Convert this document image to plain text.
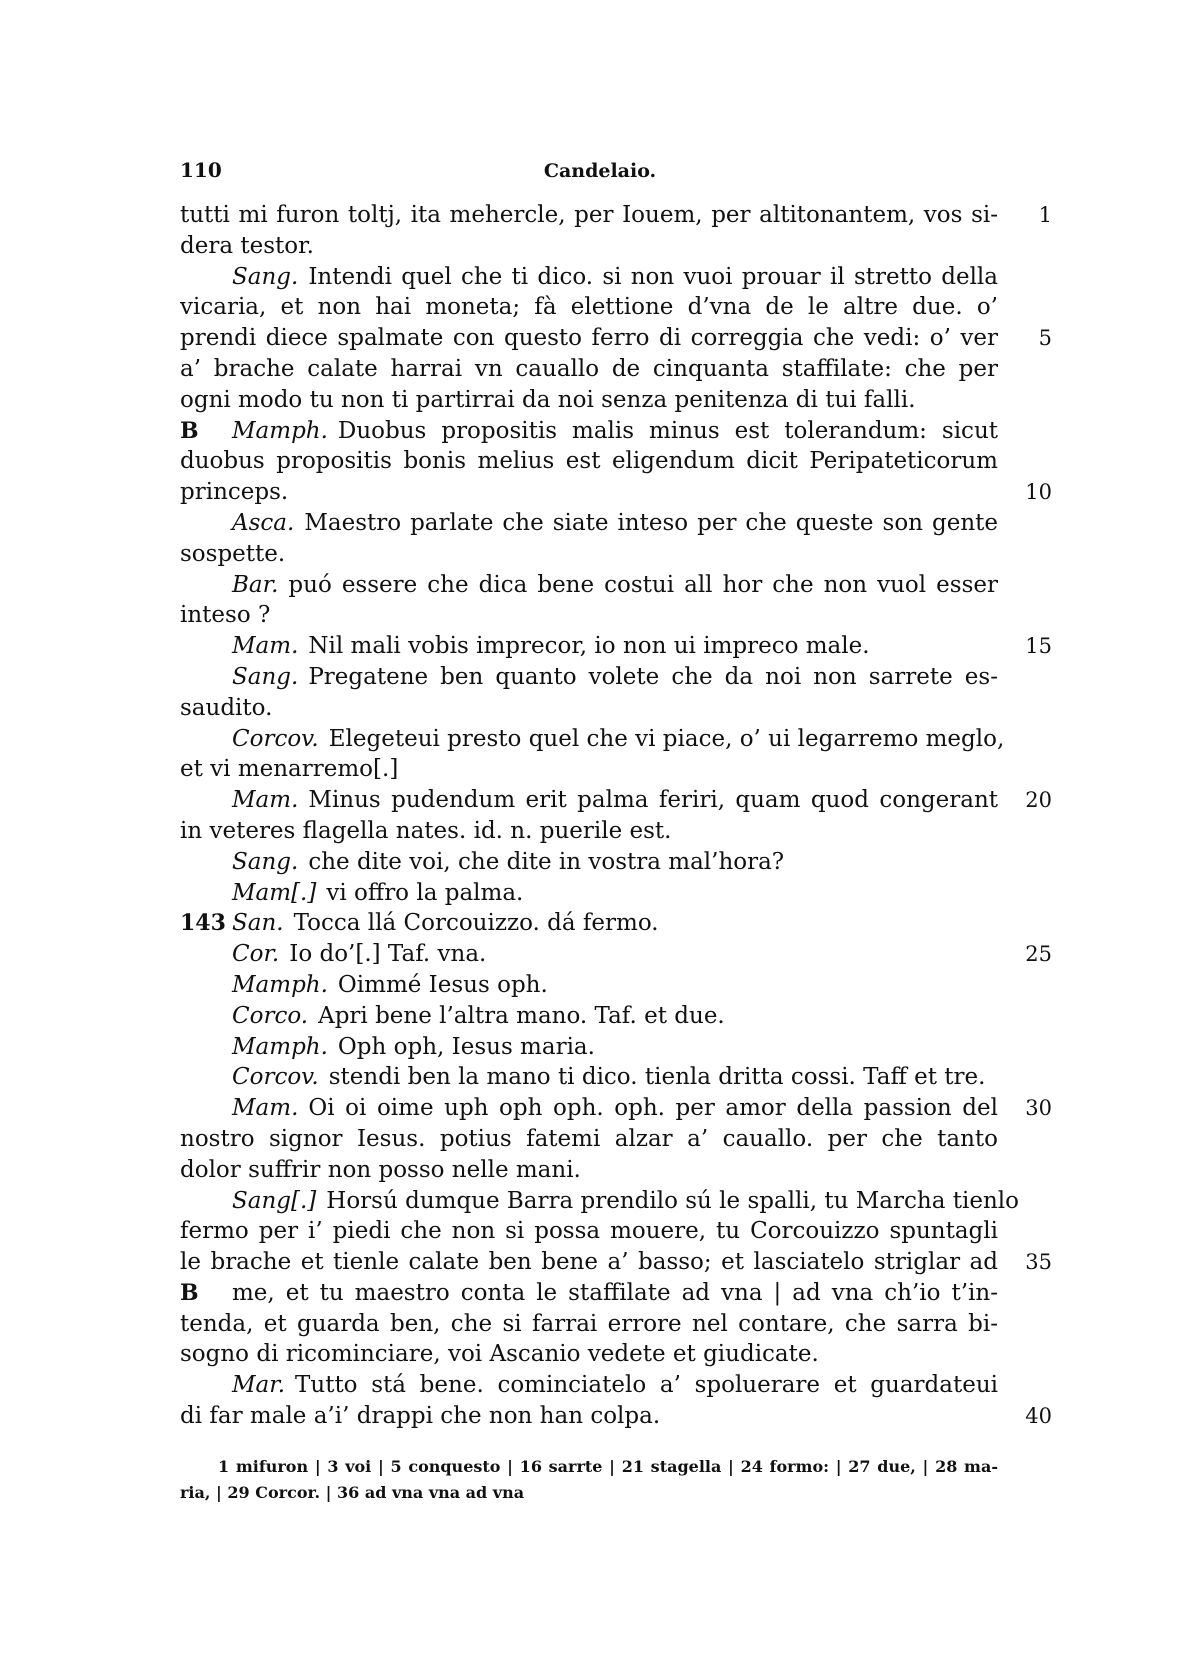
110	Candelaio.
tutti mi furon toltj, ita mehercle, per Iouem, per altitonantem, vos si-	1
dera testor.
Sang. Intendi quel che ti dico. si non vuoi prouar il stretto della
vicaria, et non hai moneta; fà elettione d’vna de le altre due. o’
prendi diece spalmate con questo ferro di correggia che vedi: o’ ver	5
a’ brache calate harrai vn cauallo de cinquanta staffilate: che per
ogni modo tu non ti partirrai da noi senza penitenza di tui falli.
Mamph. Duobus propositis malis minus est tolerandum: sicut
B
duobus propositis bonis melius est eligendum dicit Peripateticorum
princeps.	10
Asca. Maestro parlate che siate inteso per che queste son gente
sospette.
Bar. puó essere che dica bene costui all hor che non vuol esser
inteso ?
Mam. Nil mali vobis imprecor, io non ui impreco male.	15
Sang. Pregatene ben quanto volete che da noi non sarrete es-
saudito.
Corcov. Elegeteui presto quel che vi piace, o’ ui legarremo meglo,
et vi menarremo[.]
Mam. Minus pudendum erit palma feriri, quam quod congerant	20
in veteres flagella nates. id. n. puerile est.
Sang. che dite voi, che dite in vostra mal’hora?
Mam[.] vi offro la palma.
San. Tocca llá Corcouizzo. dá fermo.
143
Cor. Io do’[.] Taf. vna.	25
Mamph. Oimmé Iesus oph.
Corco. Apri bene l’altra mano. Taf. et due.
Mamph. Oph oph, Iesus maria.
Corcov. stendi ben la mano ti dico. tienla dritta cossi. Taff et tre.
Mam. Oi oi oime uph oph oph. oph. per amor della passion del	30
nostro signor Iesus. potius fatemi alzar a’ cauallo. per che tanto
dolor suffrir non posso nelle mani.
Sang[.] Horsú dumque Barra prendilo sú le spalli, tu Marcha tienlo
fermo per i’ piedi che non si possa mouere, tu Corcouizzo spuntagli
le brache et tienle calate ben bene a’ basso; et lasciatelo striglar ad	35
me, et tu maestro conta le staffilate ad vna | ad vna ch’io t’in-
B
tenda, et guarda ben, che si farrai errore nel contare, che sarra bi-
sogno di ricominciare, voi Ascanio vedete et giudicate.
Mar. Tutto stá bene. cominciatelo a’ spoluerare et guardateui
di far male a’i’ drappi che non han colpa.	40
1 mifuron | 3 voi | 5 conquesto | 16 sarrte | 21 stagella | 24 formo: | 27 due, | 28 ma-
ria, | 29 Corcor. | 36 ad vna vna ad vna
